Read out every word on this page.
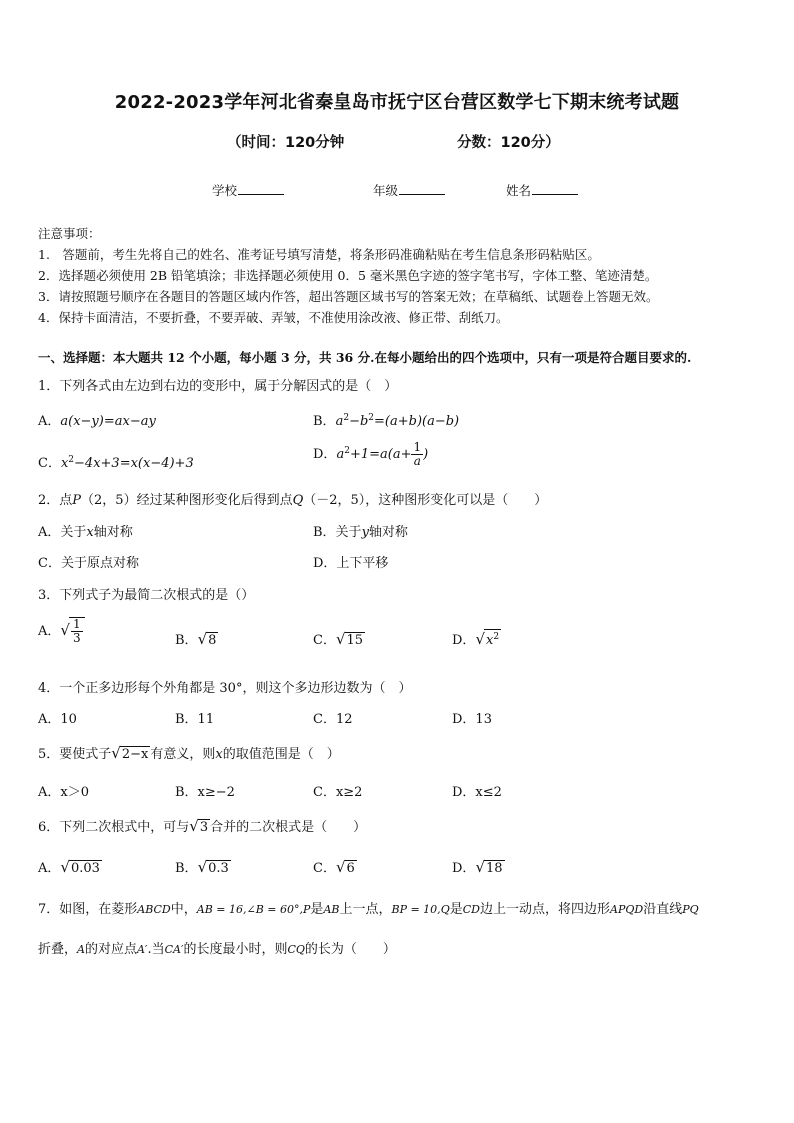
2022-2023学年河北省秦皇岛市抚宁区台营区数学七下期末统考试题
（时间：120分钟	分数：120分）
学校	年级	姓名
注意事项：
1.　答题前，考生先将自己的姓名、准考证号填写清楚，将条形码准确粘贴在考生信息条形码粘贴区。
2．选择题必须使用 2B 铅笔填涂；非选择题必须使用 0．5 毫米黑色字迹的签字笔书写，字体工整、笔迹清楚。
3．请按照题号顺序在各题目的答题区域内作答，超出答题区域书写的答案无效；在草稿纸、试题卷上答题无效。
4．保持卡面清洁，不要折叠，不要弄破、弄皱，不准使用涂改液、修正带、刮纸刀。
一、选择题：本大题共 12 个小题，每小题 3 分，共 36 分.在每小题给出的四个选项中，只有一项是符合题目要求的.
1．下列各式由左边到右边的变形中，属于分解因式的是（　）
A．a(x−y)=ax−ay	B．$a^2-b^2=(a+b)(a-b)$
C．$x^2-4x+3=x(x-4)+3$
D．$a^2+1=a(a+ \frac{1}{a}$ )
2．点P（2，5）经过某种图形变化后得到点Q（－2，5），这种图形变化可以是（　　）
A．关于x轴对称	B．关于y轴对称
C．关于原点对称	D．上下平移
3．下列式子为最简二次根式的是（）
A．√ $\frac{1}{3}$	B．√8	C．√15	D．$√x^2$
4．一个正多边形每个外角都是 30°，则这个多边形边数为（　）
A．10	B．11	C．12	D．13
5．要使式子√2−x 有意义，则x的取值范围是（　）
A．x＞0	B．x≥−2	C．x≥2	D．x≤2
6．下列二次根式中，可与√3 合并的二次根式是（　　）
A．√0.03	B．√0.3	C．√6	D．√18
7．如图，在菱形ABCD中，AB = 16,∠B = 60°,P是AB上一点，BP = 10,Q是CD边上一动点，将四边形APQD沿直线PQ
折叠，A的对应点A′.当CA′的长度最小时，则CQ的长为（　　）
